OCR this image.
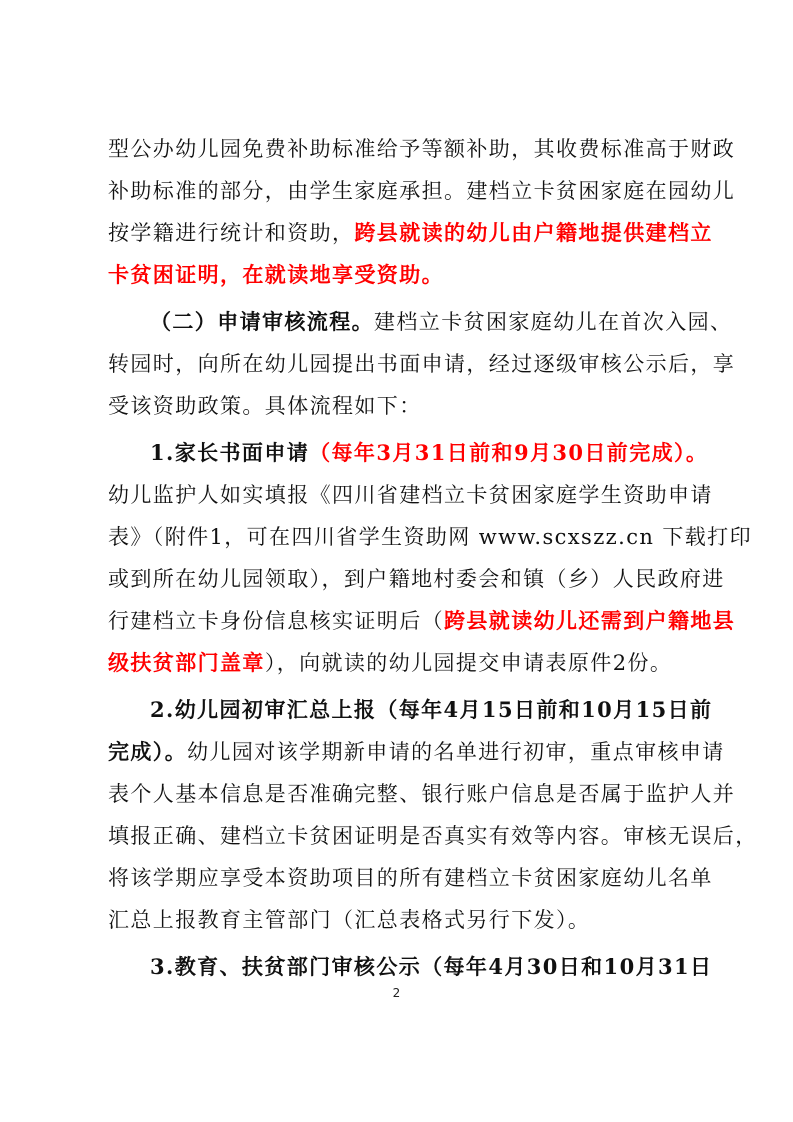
型公办幼儿园免费补助标准给予等额补助，其收费标准高于财政
补助标准的部分，由学生家庭承担。建档立卡贫困家庭在园幼儿
按学籍进行统计和资助，跨县就读的幼儿由户籍地提供建档立
卡贫困证明，在就读地享受资助。
（二）申请审核流程。建档立卡贫困家庭幼儿在首次入园、
转园时，向所在幼儿园提出书面申请，经过逐级审核公示后，享
受该资助政策。具体流程如下：
1.家长书面申请（每年3月31日前和9月30日前完成）。
幼儿监护人如实填报《四川省建档立卡贫困家庭学生资助申请
表》（附件1，可在四川省学生资助网 www.scxszz.cn 下载打印
或到所在幼儿园领取），到户籍地村委会和镇（乡）人民政府进
行建档立卡身份信息核实证明后（跨县就读幼儿还需到户籍地县
级扶贫部门盖章），向就读的幼儿园提交申请表原件2份。
2.幼儿园初审汇总上报（每年4月15日前和10月15日前
完成）。幼儿园对该学期新申请的名单进行初审，重点审核申请
表个人基本信息是否准确完整、银行账户信息是否属于监护人并
填报正确、建档立卡贫困证明是否真实有效等内容。审核无误后，
将该学期应享受本资助项目的所有建档立卡贫困家庭幼儿名单
汇总上报教育主管部门（汇总表格式另行下发）。
3.教育、扶贫部门审核公示（每年4月30日和10月31日
2
